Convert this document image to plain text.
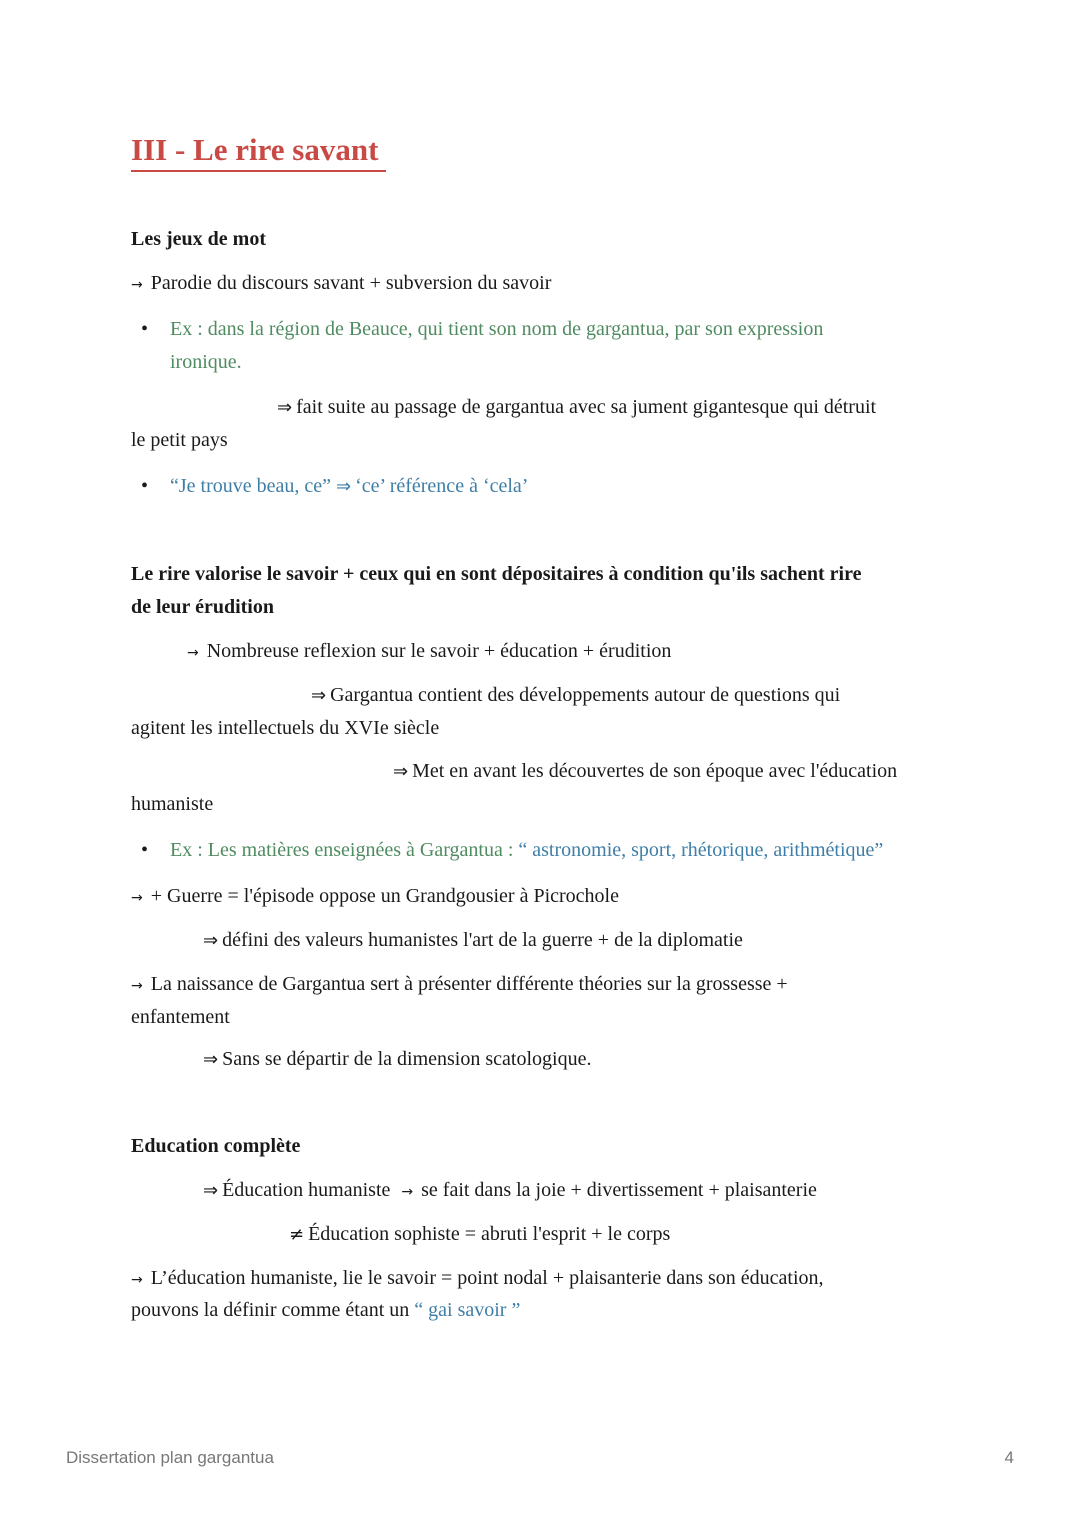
III - Le rire savant
Les jeux de mot
→ Parodie du discours savant + subversion du savoir
•	Ex : dans la région de Beauce, qui tient son nom de gargantua, par son expression
ironique.
⇒ fait suite au passage de gargantua avec sa jument gigantesque qui détruit
le petit pays
•	“Je trouve beau, ce” ⇒ ‘ce’ référence à ‘cela’
Le rire valorise le savoir + ceux qui en sont dépositaires à condition qu'ils sachent rire
de leur érudition
→ Nombreuse reflexion sur le savoir + éducation + érudition
⇒ Gargantua contient des développements autour de questions qui
agitent les intellectuels du XVIe siècle
⇒ Met en avant les découvertes de son époque avec l'éducation
humaniste
•	Ex : Les matières enseignées à Gargantua : “ astronomie, sport, rhétorique, arithmétique”
→ + Guerre = l'épisode oppose un Grandgousier à Picrochole
⇒ défini des valeurs humanistes l'art de la guerre + de la diplomatie
→ La naissance de Gargantua sert à présenter différente théories sur la grossesse +
enfantement
⇒ Sans se départir de la dimension scatologique.
Education complète
⇒ Éducation humaniste → se fait dans la joie + divertissement + plaisanterie
≠ Éducation sophiste = abruti l'esprit + le corps
→ L’éducation humaniste, lie le savoir = point nodal + plaisanterie dans son éducation,
pouvons la définir comme étant un “ gai savoir ”
Dissertation plan gargantua	4
